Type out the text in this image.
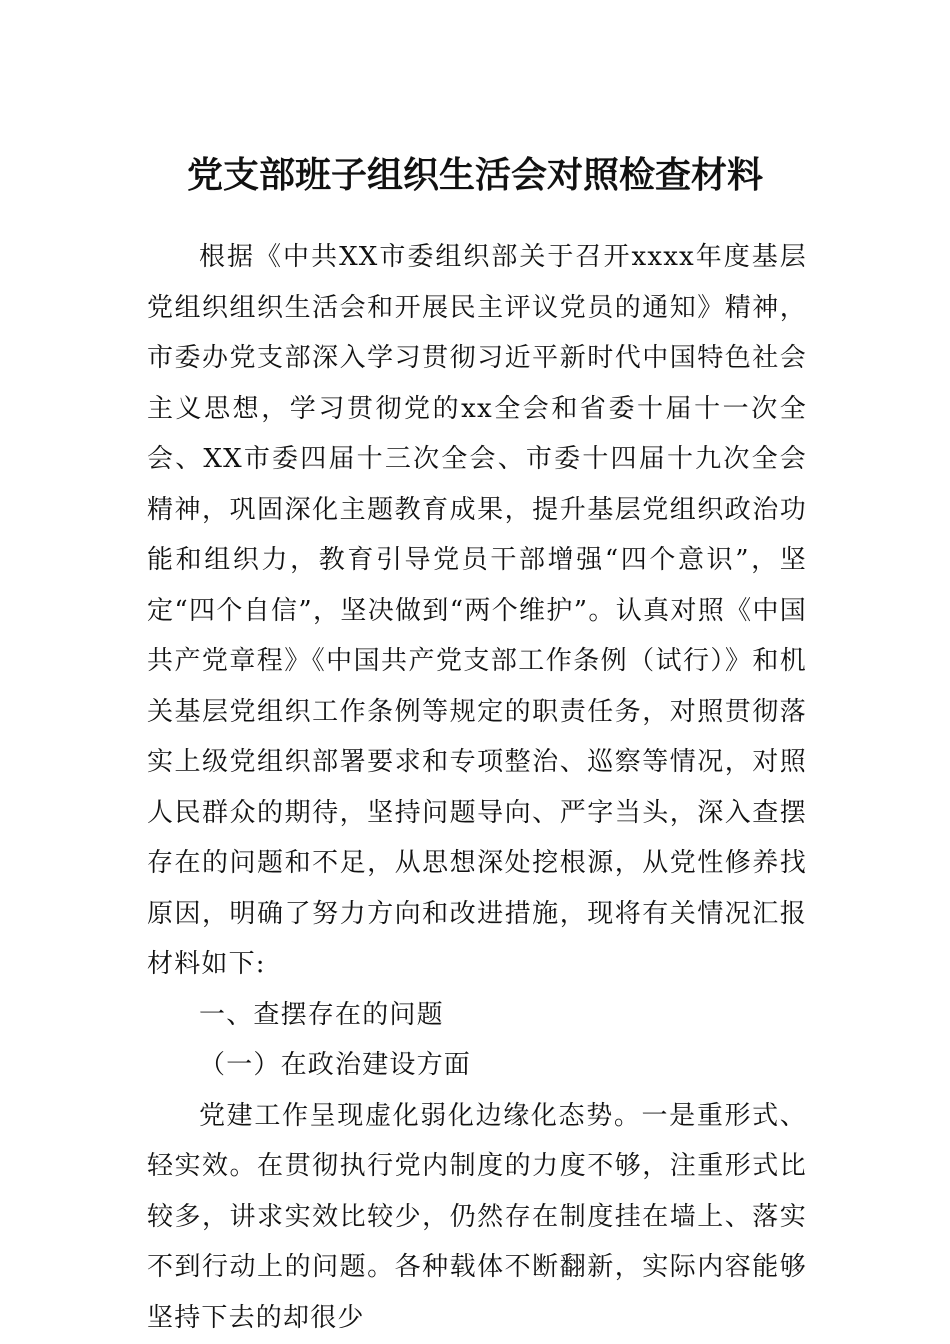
党支部班子组织生活会对照检查材料

根据《中共XX市委组织部关于召开xxxx年度基层党组织组织生活会和开展民主评议党员的通知》精神，市委办党支部深入学习贯彻习近平新时代中国特色社会主义思想，学习贯彻党的xx全会和省委十届十一次全会、XX市委四届十三次全会、市委十四届十九次全会精神，巩固深化主题教育成果，提升基层党组织政治功能和组织力，教育引导党员干部增强“四个意识”，坚定“四个自信”，坚决做到“两个维护”。认真对照《中国共产党章程》《中国共产党支部工作条例（试行）》和机关基层党组织工作条例等规定的职责任务，对照贯彻落实上级党组织部署要求和专项整治、巡察等情况，对照人民群众的期待，坚持问题导向、严字当头，深入查摆存在的问题和不足，从思想深处挖根源，从党性修养找原因，明确了努力方向和改进措施，现将有关情况汇报材料如下:

一、查摆存在的问题

（一）在政治建设方面

党建工作呈现虚化弱化边缘化态势。一是重形式、轻实效。在贯彻执行党内制度的力度不够，注重形式比较多，讲求实效比较少，仍然存在制度挂在墙上、落实不到行动上的问题。各种载体不断翻新，实际内容能够坚持下去的却很少
